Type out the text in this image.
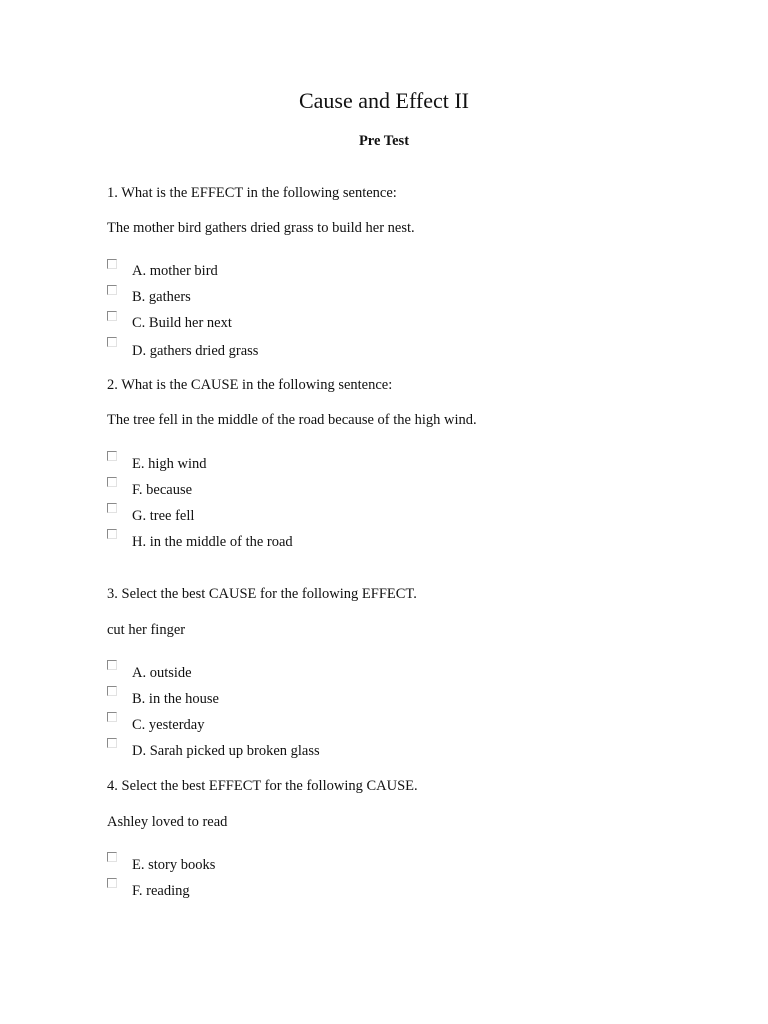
Cause and Effect II
Pre Test
1. What is the EFFECT in the following sentence:
The mother bird gathers dried grass to build her nest.
A. mother bird
B. gathers
C. Build her next
D. gathers dried grass
2. What is the CAUSE in the following sentence:
The tree fell in the middle of the road because of the high wind.
E. high wind
F. because
G. tree fell
H. in the middle of the road
3. Select the best CAUSE for the following EFFECT.
cut her finger
A. outside
B. in the house
C. yesterday
D. Sarah picked up broken glass
4. Select the best EFFECT for the following CAUSE.
Ashley loved to read
E. story books
F. reading
